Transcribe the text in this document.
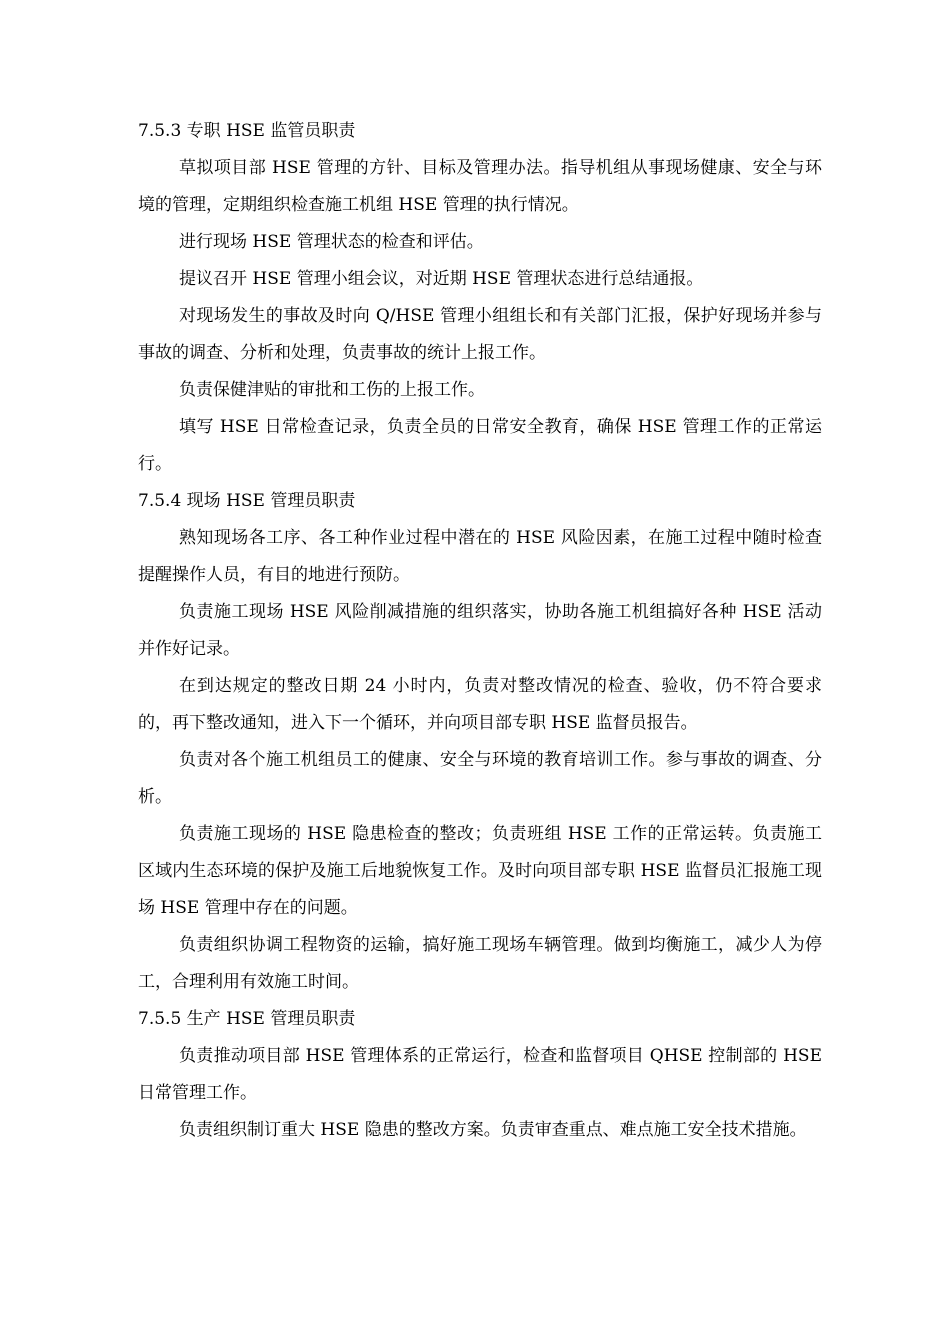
7.5.3 专职 HSE 监管员职责

草拟项目部 HSE 管理的方针、目标及管理办法。指导机组从事现场健康、安全与环境的管理，定期组织检查施工机组 HSE 管理的执行情况。

进行现场 HSE 管理状态的检查和评估。

提议召开 HSE 管理小组会议，对近期 HSE 管理状态进行总结通报。

对现场发生的事故及时向 Q/HSE 管理小组组长和有关部门汇报，保护好现场并参与事故的调查、分析和处理，负责事故的统计上报工作。

负责保健津贴的审批和工伤的上报工作。

填写 HSE 日常检查记录，负责全员的日常安全教育，确保 HSE 管理工作的正常运行。

7.5.4 现场 HSE 管理员职责

熟知现场各工序、各工种作业过程中潜在的 HSE 风险因素，在施工过程中随时检查提醒操作人员，有目的地进行预防。

负责施工现场 HSE 风险削减措施的组织落实，协助各施工机组搞好各种 HSE 活动并作好记录。

在到达规定的整改日期 24 小时内，负责对整改情况的检查、验收，仍不符合要求的，再下整改通知，进入下一个循环，并向项目部专职 HSE 监督员报告。

负责对各个施工机组员工的健康、安全与环境的教育培训工作。参与事故的调查、分析。

负责施工现场的 HSE 隐患检查的整改；负责班组 HSE 工作的正常运转。负责施工区域内生态环境的保护及施工后地貌恢复工作。及时向项目部专职 HSE 监督员汇报施工现场 HSE 管理中存在的问题。

负责组织协调工程物资的运输，搞好施工现场车辆管理。做到均衡施工，减少人为停工，合理利用有效施工时间。

7.5.5 生产 HSE 管理员职责

负责推动项目部 HSE 管理体系的正常运行，检查和监督项目 QHSE 控制部的 HSE 日常管理工作。

负责组织制订重大 HSE 隐患的整改方案。负责审查重点、难点施工安全技术措施。
